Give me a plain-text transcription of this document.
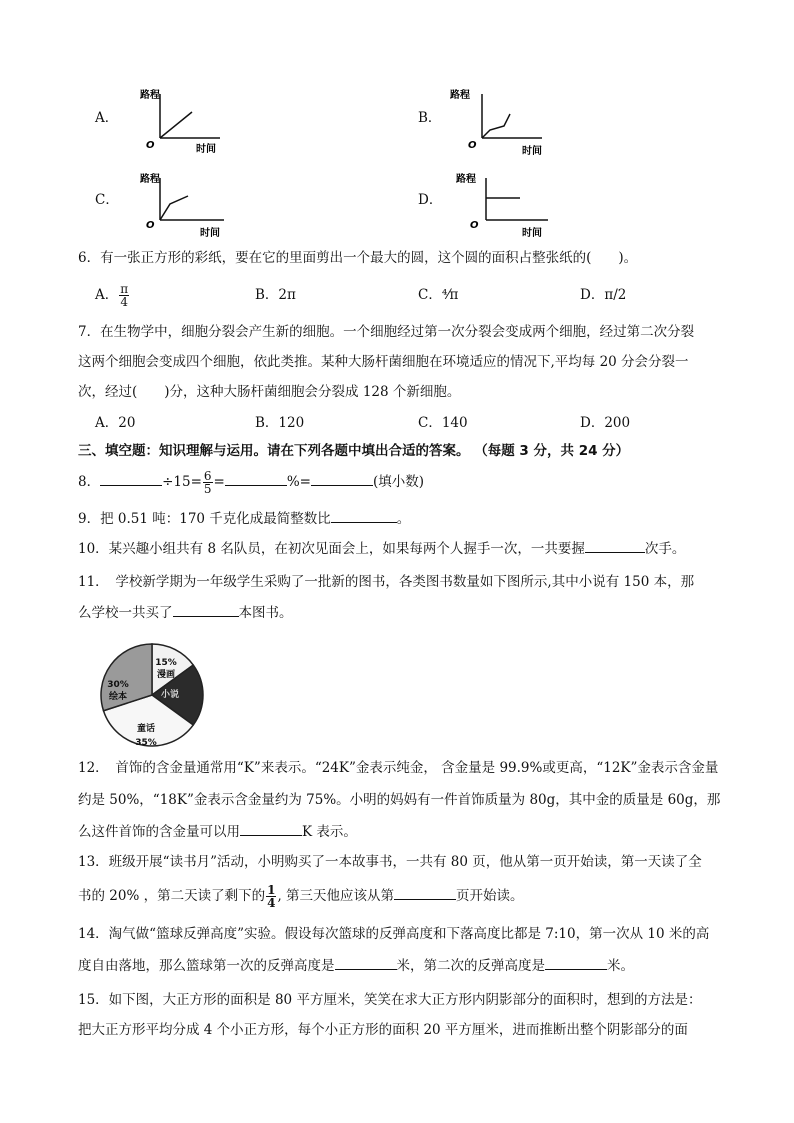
A．
路程
O	时间
B．
路程
O
时间
C．
路程
O
时间
D．
路程
O
时间
6．有一张正方形的彩纸，要在它的里面剪出一个最大的圆，这个圆的面积占整张纸的(　　)。
A． $\frac{\pi}{4}$	B．2π	C．⁴⁄π	D．π/2
7．在生物学中，细胞分裂会产生新的细胞。一个细胞经过第一次分裂会变成两个细胞，经过第二次分裂
这两个细胞会变成四个细胞，依此类推。某种大肠杆菌细胞在环境适应的情况下,平均每 20 分会分裂一
次，经过(　　)分，这种大肠杆菌细胞会分裂成 128 个新细胞。
A．20	B．120	C．140	D．200
三、填空题：知识理解与运用。请在下列各题中填出合适的答案。 （每题 3 分，共 24 分）
8．	$\div 15= \frac{6}{5}$ =	%=	(填小数)
9．把 0.51 吨：170 千克化成最简整数比	。
10．某兴趣小组共有 8 名队员，在初次见面会上，如果每两个人握手一次，一共要握	次手。
11．　学校新学期为一年级学生采购了一批新的图书，各类图书数量如下图所示,其中小说有 150 本，那
么学校一共买了	本图书。
15%
漫画
小说
35%
童话
30%
绘本
12．　首饰的含金量通常用“K”来表示。“24K”金表示纯金， 含金量是 99.9%或更高，“12K”金表示含金量
约是 50%，“18K”金表示含金量约为 75%。小明的妈妈有一件首饰质量为 80g，其中金的质量是 60g，那
么这件首饰的含金量可以用	K 表示。
13．班级开展“读书月”活动，小明购买了一本故事书，一共有 80 页，他从第一页开始读，第一天读了全
书的 20% ，第二天读了剩下的 $\frac{1}{4}$ , 第三天他应该从第	页开始读。
14．淘气做“篮球反弹高度”实验。假设每次篮球的反弹高度和下落高度比都是 7:10，第一次从 10 米的高
度自由落地，那么篮球第一次的反弹高度是	米，第二次的反弹高度是	米。
15．如下图，大正方形的面积是 80 平方厘米，笑笑在求大正方形内阴影部分的面积时，想到的方法是：
把大正方形平均分成 4 个小正方形，每个小正方形的面积 20 平方厘米，进而推断出整个阴影部分的面
